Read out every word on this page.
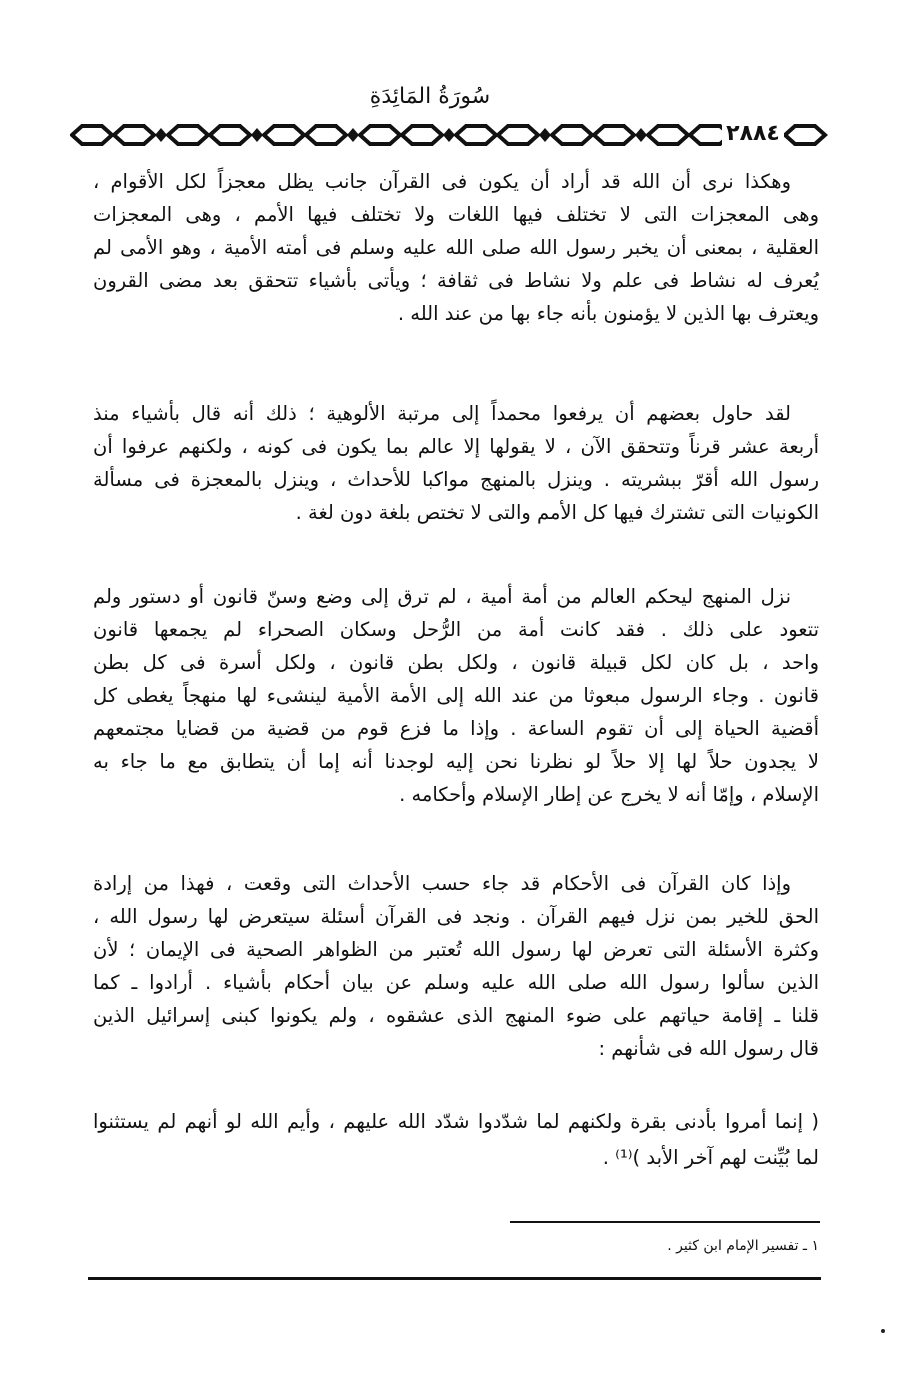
سُورَةُ المَائِدَةِ
٢٨٨٤
وهكذا نرى أن الله قد أراد أن يكون فى القرآن جانب يظل معجزاً لكل الأقوام ،
وهى المعجزات التى لا تختلف فيها اللغات ولا تختلف فيها الأمم ، وهى المعجزات
العقلية ، بمعنى أن يخبر رسول الله صلى الله عليه وسلم فى أمته الأمية ، وهو الأمى لم
يُعرف له نشاط فى علم ولا نشاط فى ثقافة ؛ ويأتى بأشياء تتحقق بعد مضى القرون
ويعترف بها الذين لا يؤمنون بأنه جاء بها من عند الله .
لقد حاول بعضهم أن يرفعوا محمداً إلى مرتبة الألوهية ؛ ذلك أنه قال بأشياء منذ
أربعة عشر قرناً وتتحقق الآن ، لا يقولها إلا عالم بما يكون فى كونه ، ولكنهم عرفوا أن
رسول الله أقرّ ببشريته . وينزل بالمنهج مواكبا للأحداث ، وينزل بالمعجزة فى مسألة
الكونيات التى تشترك فيها كل الأمم والتى لا تختص بلغة دون لغة .
نزل المنهج ليحكم العالم من أمة أمية ، لم ترق إلى وضع وسنّ قانون أو دستور ولم
تتعود على ذلك . فقد كانت أمة من الرُّحل وسكان الصحراء لم يجمعها قانون
واحد ، بل كان لكل قبيلة قانون ، ولكل بطن قانون ، ولكل أسرة فى كل بطن
قانون . وجاء الرسول مبعوثا من عند الله إلى الأمة الأمية لينشىء لها منهجاً يغطى كل
أقضية الحياة إلى أن تقوم الساعة . وإذا ما فزع قوم من قضية من قضايا مجتمعهم
لا يجدون حلاً لها إلا حلاً لو نظرنا نحن إليه لوجدنا أنه إما أن يتطابق مع ما جاء به
الإسلام ، وإمّا أنه لا يخرج عن إطار الإسلام وأحكامه .
وإذا كان القرآن فى الأحكام قد جاء حسب الأحداث التى وقعت ، فهذا من إرادة
الحق للخير بمن نزل فيهم القرآن . ونجد فى القرآن أسئلة سيتعرض لها رسول الله ،
وكثرة الأسئلة التى تعرض لها رسول الله تُعتبر من الظواهر الصحية فى الإيمان ؛ لأن
الذين سألوا رسول الله صلى الله عليه وسلم عن بيان أحكام بأشياء . أرادوا ـ كما
قلنا ـ إقامة حياتهم على ضوء المنهج الذى عشقوه ، ولم يكونوا كبنى إسرائيل الذين
قال رسول الله فى شأنهم :
( إنما أمروا بأدنى بقرة ولكنهم لما شدّدوا شدّد الله عليهم ، وأيم الله لو أنهم لم يستثنوا
لما بُيِّنت لهم آخر الأبد )⁽¹⁾ .
١ ـ تفسير الإمام ابن كثير .
